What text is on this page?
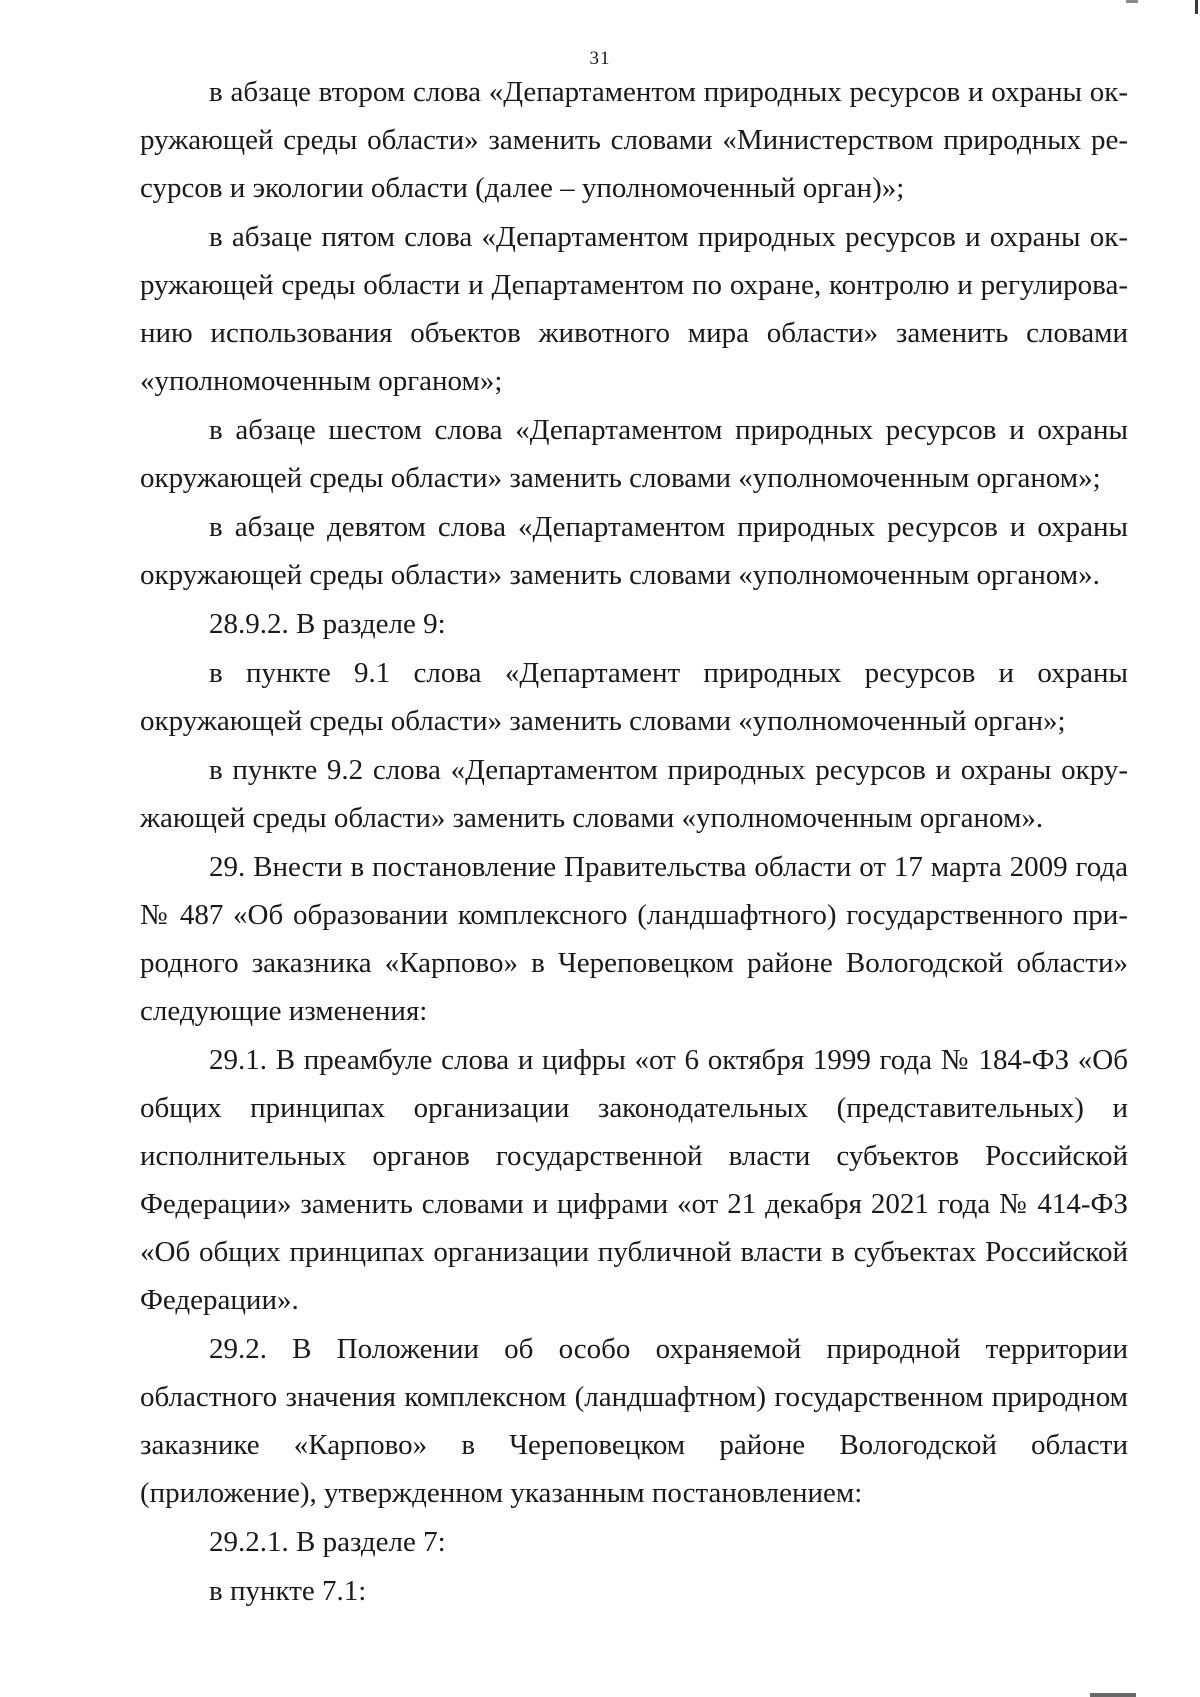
31

в абзаце втором слова «Департаментом природных ресурсов и охраны окружающей среды области» заменить словами «Министерством природных ресурсов и экологии области (далее – уполномоченный орган)»;

в абзаце пятом слова «Департаментом природных ресурсов и охраны окружающей среды области и Департаментом по охране, контролю и регулированию использования объектов животного мира области» заменить словами «уполномоченным органом»;

в абзаце шестом слова «Департаментом природных ресурсов и охраны окружающей среды области» заменить словами «уполномоченным органом»;

в абзаце девятом слова «Департаментом природных ресурсов и охраны окружающей среды области» заменить словами «уполномоченным органом».

28.9.2. В разделе 9:

в пункте 9.1 слова «Департамент природных ресурсов и охраны окружающей среды области» заменить словами «уполномоченный орган»;

в пункте 9.2 слова «Департаментом природных ресурсов и охраны окружающей среды области» заменить словами «уполномоченным органом».

29. Внести в постановление Правительства области от 17 марта 2009 года № 487 «Об образовании комплексного (ландшафтного) государственного природного заказника «Карпово» в Череповецком районе Вологодской области» следующие изменения:

29.1. В преамбуле слова и цифры «от 6 октября 1999 года № 184-ФЗ «Об общих принципах организации законодательных (представительных) и исполнительных органов государственной власти субъектов Российской Федерации» заменить словами и цифрами «от 21 декабря 2021 года № 414-ФЗ «Об общих принципах организации публичной власти в субъектах Российской Федерации».

29.2. В Положении об особо охраняемой природной территории областного значения комплексном (ландшафтном) государственном природном заказнике «Карпово» в Череповецком районе Вологодской области (приложение), утвержденном указанным постановлением:

29.2.1. В разделе 7:

в пункте 7.1:
